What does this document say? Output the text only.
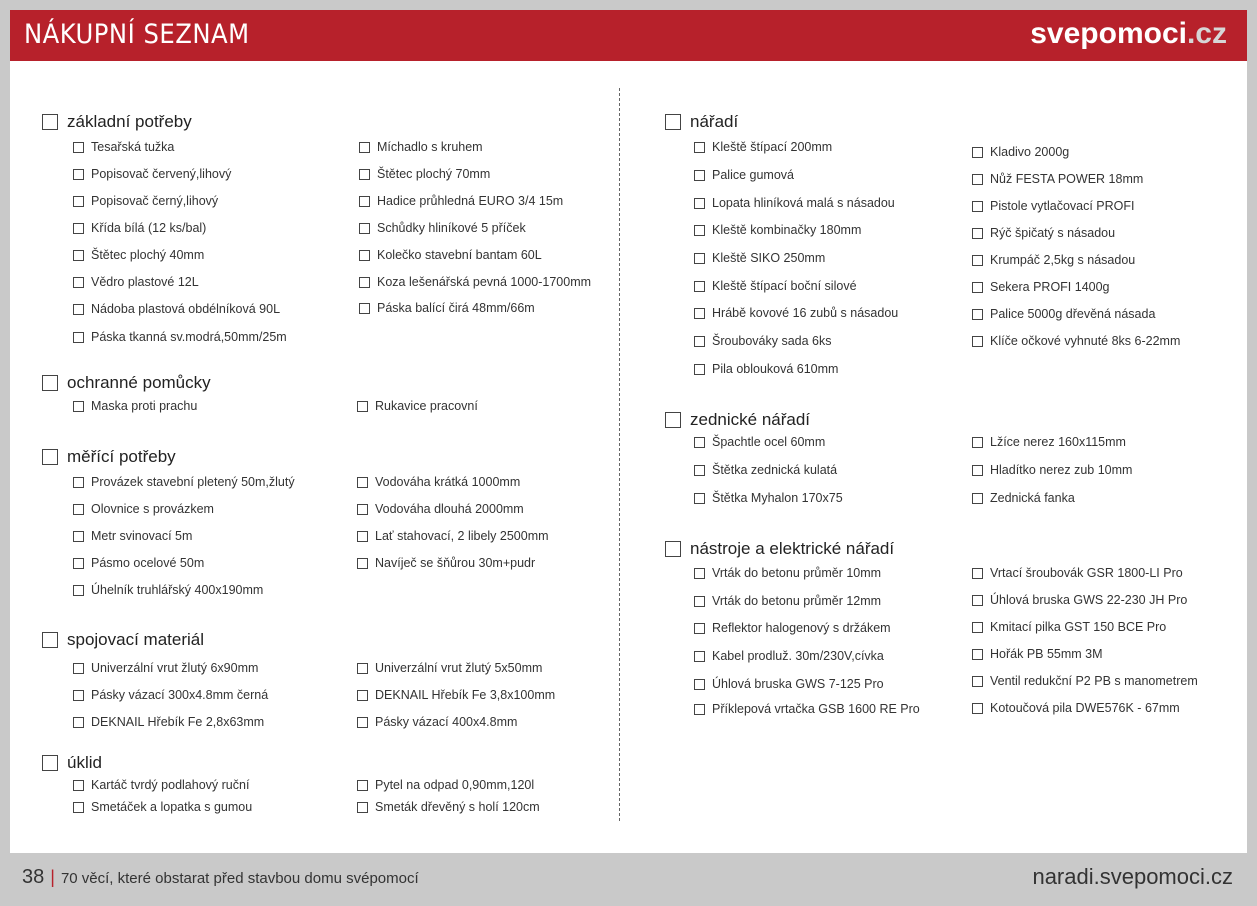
NÁKUPNÍ SEZNAM	svepomoci.cz
základní potřeby
Tesařská tužka
Popisovač červený,lihový
Popisovač černý,lihový
Křída bílá (12 ks/bal)
Štětec plochý 40mm
Vědro plastové 12L
Nádoba plastová obdélníková 90L
Páska tkanná sv.modrá,50mm/25m
Míchadlo s kruhem
Štětec plochý 70mm
Hadice průhledná EURO 3/4 15m
Schůdky hliníkové 5 příček
Kolečko stavební bantam 60L
Koza lešenářská pevná 1000-1700mm
Páska balící čirá 48mm/66m
ochranné pomůcky
Maska proti prachu	Rukavice pracovní
měřící potřeby
Provázek stavební pletený 50m,žlutý
Olovnice s provázkem
Metr svinovací 5m
Pásmo ocelové 50m
Úhelník truhlářský 400x190mm
Vodováha krátká 1000mm
Vodováha dlouhá 2000mm
Lať stahovací, 2 libely 2500mm
Navíječ se šňůrou 30m+pudr
spojovací materiál
Univerzální vrut žlutý 6x90mm
Pásky vázací 300x4.8mm černá
DEKNAIL Hřebík Fe 2,8x63mm
Univerzální vrut žlutý 5x50mm
DEKNAIL Hřebík Fe 3,8x100mm
Pásky vázací 400x4.8mm
úklid
Kartáč tvrdý podlahový ruční
Smetáček a lopatka s gumou
Pytel na odpad 0,90mm,120l
Smeták dřevěný s holí 120cm
nářadí
Kleště štípací 200mm
Palice gumová
Lopata hliníková malá s násadou
Kleště kombinačky 180mm
Kleště SIKO 250mm
Kleště štípací boční silové
Hrábě kovové 16 zubů s násadou
Šroubováky sada 6ks
Pila oblouková 610mm
Kladivo 2000g
Nůž FESTA POWER 18mm
Pistole vytlačovací PROFI
Rýč špičatý s násadou
Krumpáč 2,5kg s násadou
Sekera PROFI 1400g
Palice 5000g dřevěná násada
Klíče očkové vyhnuté 8ks 6-22mm
zednické nářadí
Špachtle ocel 60mm
Štětka zednická kulatá
Štětka Myhalon 170x75
Lžíce nerez 160x115mm
Hladítko nerez zub 10mm
Zednická fanka
nástroje a elektrické nářadí
Vrták do betonu průměr 10mm
Vrták do betonu průměr 12mm
Reflektor halogenový s držákem
Kabel prodluž. 30m/230V,cívka
Úhlová bruska GWS 7-125 Pro
Příklepová vrtačka GSB 1600 RE Pro
Vrtací šroubovák GSR 1800-LI Pro
Úhlová bruska GWS 22-230 JH Pro
Kmitací pilka GST 150 BCE Pro
Hořák PB 55mm 3M
Ventil redukční P2 PB s manometrem
Kotoučová pila DWE576K - 67mm
38 | 70 věcí, které obstarat před stavbou domu svépomocí	naradi.svepomoci.cz
